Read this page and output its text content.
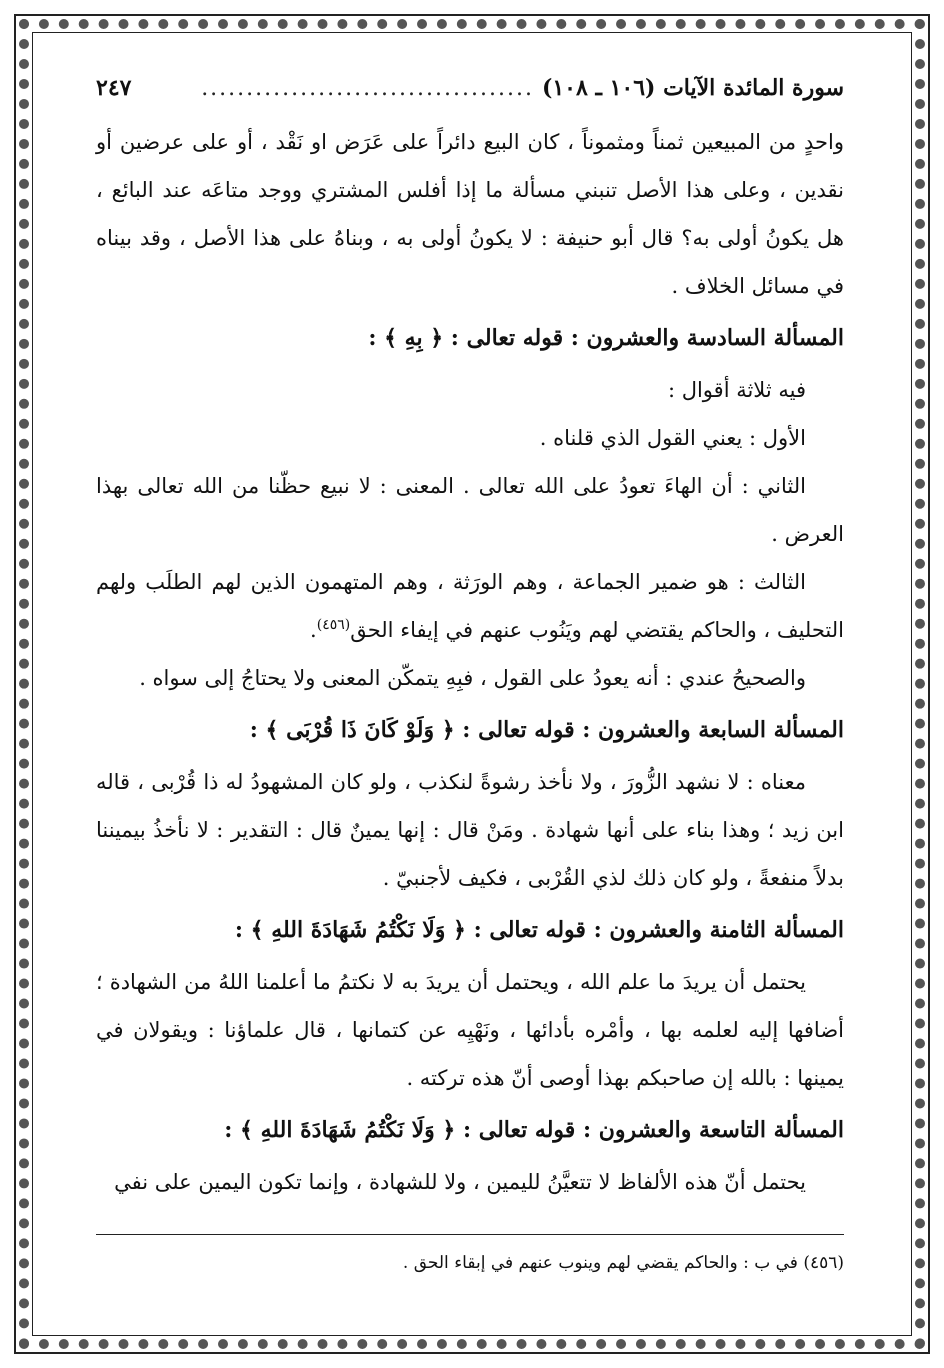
سورة المائدة الآيات (١٠٦ ـ ١٠٨)
.....................................
٢٤٧

واحدٍ من المبيعين ثمناً ومثموناً ، كان البيع دائراً على عَرَض او نَقْد ، أو على عرضين أو نقدين ، وعلى هذا الأصل تنبني مسألة ما إذا أفلس المشتري ووجد متاعَه عند البائع ، هل يكونُ أولى به؟ قال أبو حنيفة : لا يكونُ أولى به ، وبناهُ على هذا الأصل ، وقد بيناه في مسائل الخلاف .

المسألة السادسة والعشرون : قوله تعالى : ﴿ بِهِ ﴾ :

فيه ثلاثة أقوال :

الأول : يعني القول الذي قلناه .

الثاني : أن الهاءَ تعودُ على الله تعالى . المعنى : لا نبيع حظّنا من الله تعالى بهذا العرض .

الثالث : هو ضمير الجماعة ، وهم الورَثة ، وهم المتهمون الذين لهم الطلَب ولهم التحليف ، والحاكم يقتضي لهم ويَنُوب عنهم في إيفاء الحق$^{(٤٥٦)}$.

والصحيحُ عندي : أنه يعودُ على القول ، فبِهِ يتمكّن المعنى ولا يحتاجُ إلى سواه .

المسألة السابعة والعشرون : قوله تعالى : ﴿ وَلَوْ كَانَ ذَا قُرْبَى ﴾ :

معناه : لا نشهد الزُّورَ ، ولا نأخذ رشوةً لنكذب ، ولو كان المشهودُ له ذا قُرْبى ، قاله ابن زيد ؛ وهذا بناء على أنها شهادة . ومَنْ قال : إنها يمينٌ قال : التقدير : لا نأخذُ بيميننا بدلاً منفعةً ، ولو كان ذلك لذي القُرْبى ، فكيف لأجنبيّ .

المسألة الثامنة والعشرون : قوله تعالى : ﴿ وَلَا نَكْتُمُ شَهَادَةَ اللهِ ﴾ :

يحتمل أن يريدَ ما علم الله ، ويحتمل أن يريدَ به لا نكتمُ ما أعلمنا اللهُ من الشهادة ؛ أضافها إليه لعلمه بها ، وأمْره بأدائها ، ونَهْيِه عن كتمانها ، قال علماؤنا : ويقولان في يمينها : بالله إن صاحبكم بهذا أوصى أنّ هذه تركته .

المسألة التاسعة والعشرون : قوله تعالى : ﴿ وَلَا نَكْتُمُ شَهَادَةَ اللهِ ﴾ :

يحتمل أنّ هذه الألفاظ لا تتعيَّنُ لليمين ، ولا للشهادة ، وإنما تكون اليمين على نفي

(٤٥٦) في ب : والحاكم يقضي لهم وينوب عنهم في إبقاء الحق .
